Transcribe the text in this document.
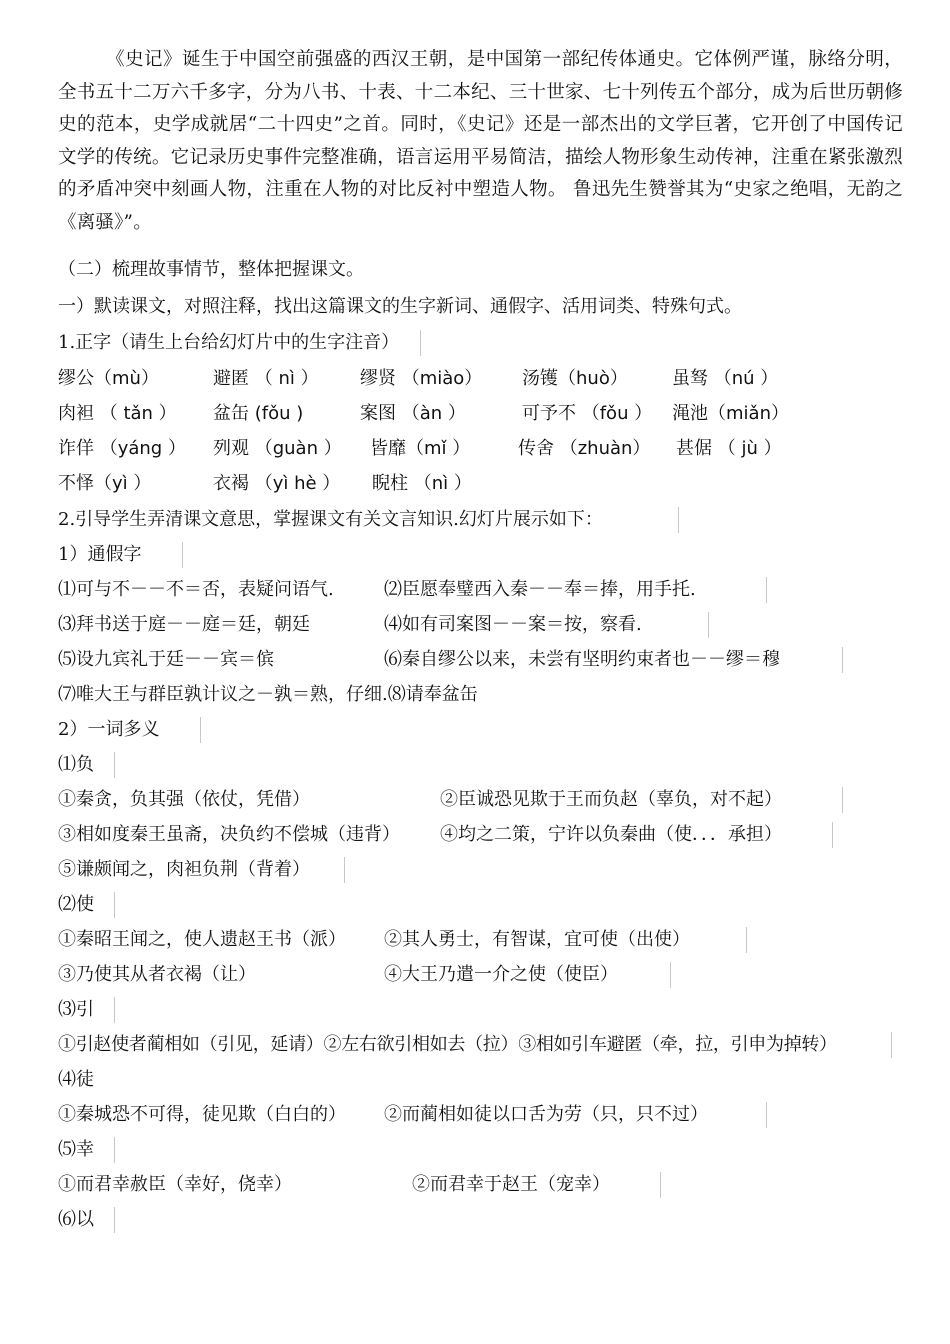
《史记》诞生于中国空前强盛的西汉王朝，是中国第一部纪传体通史。它体例严谨，脉络分明，全书五十二万六千多字，分为八书、十表、十二本纪、三十世家、七十列传五个部分，成为后世历朝修史的范本，史学成就居“二十四史”之首。同时，《史记》还是一部杰出的文学巨著，它开创了中国传记文学的传统。它记录历史事件完整准确，语言运用平易简洁，描绘人物形象生动传神，注重在紧张激烈的矛盾冲突中刻画人物，注重在人物的对比反衬中塑造人物。 鲁迅先生赞誉其为“史家之绝唱，无韵之《离骚》”。
（二）梳理故事情节，整体把握课文。
一）默读课文，对照注释，找出这篇课文的生字新词、通假字、活用词类、特殊句式。
1.正字（请生上台给幻灯片中的生字注音）
缪公（mù）	避匿 （ nì ） 缪贤 （miào） 汤镬（huò） 虽驽 （nú ）
肉袒 （ tǎn ） 盆缶 (fǒu )	案图 （àn ）	可予不 （fǒu ） 渑池（miǎn）
诈佯 （yáng ） 列观 （guàn ） 皆靡（mǐ ）	传舍 （zhuàn） 甚倨 （ jù ）
不怿（yì ）	衣褐 （yì hè ） 睨柱 （nì ）
2.引导学生弄清课文意思，掌握课文有关文言知识.幻灯片展示如下：
1）通假字
⑴可与不－－不＝否，表疑问语气.	⑵臣愿奉璧西入秦－－奉＝捧，用手托.
⑶拜书送于庭－－庭＝廷，朝廷	⑷如有司案图－－案＝按，察看.
⑸设九宾礼于廷－－宾＝傧	⑹秦自缪公以来，未尝有坚明约束者也－－缪＝穆
⑺唯大王与群臣孰计议之－孰＝熟，仔细.⑻请奉盆缶
2）一词多义
⑴负
①秦贪，负其强（依仗，凭借）	②臣诚恐见欺于王而负赵（辜负，对不起）
③相如度秦王虽斋，决负约不偿城（违背） ④均之二策，宁许以负秦曲（使．．．承担）
⑤谦颇闻之，肉袒负荆（背着）
⑵使
①秦昭王闻之，使人遗赵王书（派） ②其人勇士，有智谋，宜可使（出使）
③乃使其从者衣褐（让）	④大王乃遣一介之使（使臣）
⑶引
①引赵使者蔺相如（引见，延请）②左右欲引相如去（拉）③相如引车避匿（牵，拉，引申为掉转）
⑷徒
①秦城恐不可得，徒见欺（白白的） ②而蔺相如徒以口舌为劳（只，只不过）
⑸幸
①而君幸赦臣（幸好，侥幸）	②而君幸于赵王（宠幸）
⑹以
